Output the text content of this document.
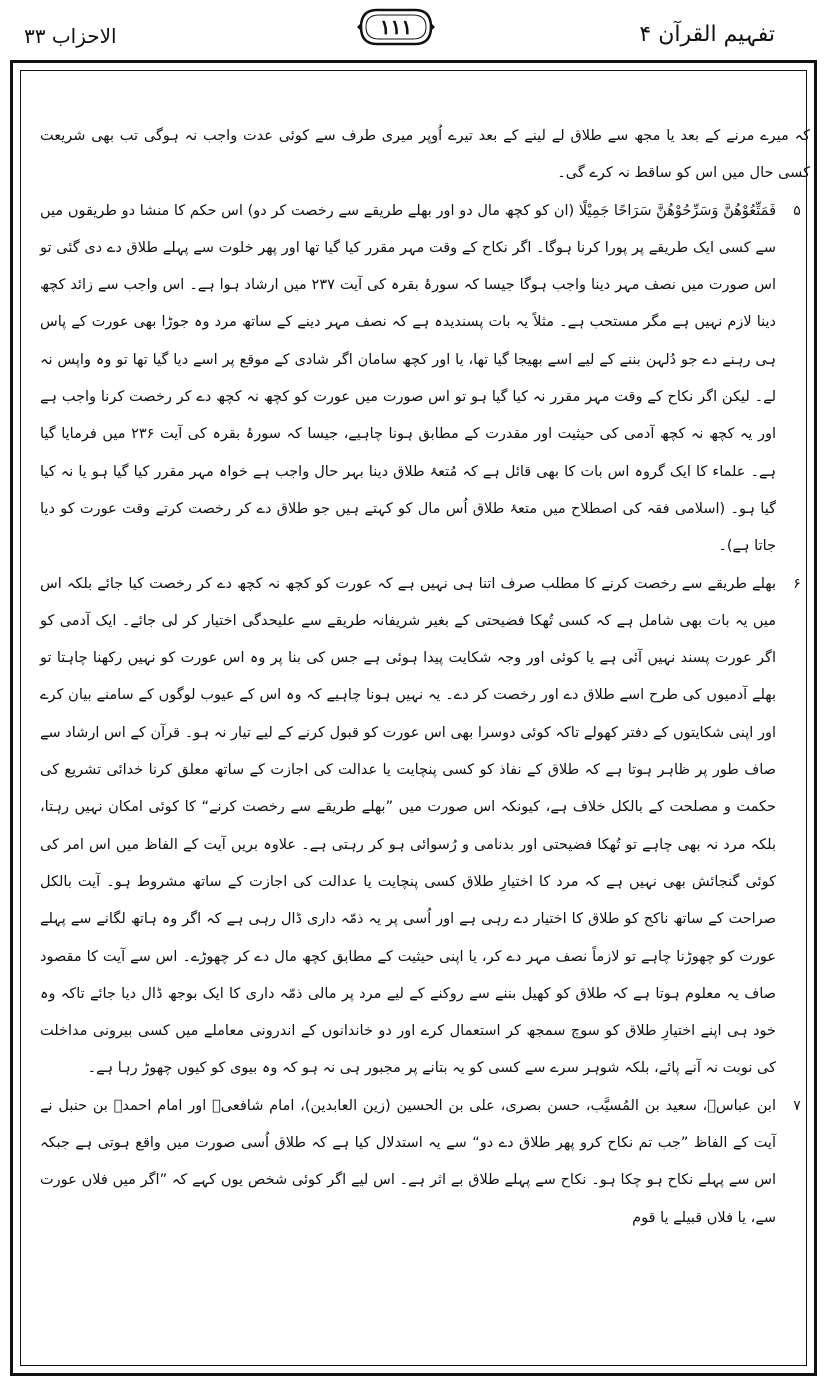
الاحزاب ۳۳	۱۱۱	تفہیم القرآن ۴

کہ میرے مرنے کے بعد یا مجھ سے طلاق لے لینے کے بعد تیرے اُوپر میری طرف سے کوئی عدت واجب نہ ہوگی تب بھی شریعت کسی حال میں اس کو ساقط نہ کرے گی۔

۵
فَمَتِّعُوْهُنَّ وَسَرِّحُوْهُنَّ سَرَاحًا جَمِيْلًا (ان کو کچھ مال دو اور بھلے طریقے سے رخصت کر دو) اس حکم کا منشا دو طریقوں میں سے کسی ایک طریقے پر پورا کرنا ہوگا۔ اگر نکاح کے وقت مہر مقرر کیا گیا تھا اور پھر خلوت سے پہلے طلاق دے دی گئی تو اس صورت میں نصف مہر دینا واجب ہوگا جیسا کہ سورۂ بقرہ کی آیت ۲۳۷ میں ارشاد ہوا ہے۔ اس واجب سے زائد کچھ دینا لازم نہیں ہے مگر مستحب ہے۔ مثلاً یہ بات پسندیدہ ہے کہ نصف مہر دینے کے ساتھ مرد وہ جوڑا بھی عورت کے پاس ہی رہنے دے جو دُلہن بننے کے لیے اسے بھیجا گیا تھا، یا اور کچھ سامان اگر شادی کے موقع پر اسے دیا گیا تھا تو وہ واپس نہ لے۔ لیکن اگر نکاح کے وقت مہر مقرر نہ کیا گیا ہو تو اس صورت میں عورت کو کچھ نہ کچھ دے کر رخصت کرنا واجب ہے اور یہ کچھ نہ کچھ آدمی کی حیثیت اور مقدرت کے مطابق ہونا چاہیے، جیسا کہ سورۂ بقرہ کی آیت ۲۳۶ میں فرمایا گیا ہے۔ علماء کا ایک گروہ اس بات کا بھی قائل ہے کہ مُتعۂ طلاق دینا بہر حال واجب ہے خواہ مہر مقرر کیا گیا ہو یا نہ کیا گیا ہو۔ (اسلامی فقہ کی اصطلاح میں متعۂ طلاق اُس مال کو کہتے ہیں جو طلاق دے کر رخصت کرتے وقت عورت کو دیا جاتا ہے)۔

۶
بھلے طریقے سے رخصت کرنے کا مطلب صرف اتنا ہی نہیں ہے کہ عورت کو کچھ نہ کچھ دے کر رخصت کیا جائے بلکہ اس میں یہ بات بھی شامل ہے کہ کسی تُھکا فضیحتی کے بغیر شریفانہ طریقے سے علیحدگی اختیار کر لی جائے۔ ایک آدمی کو اگر عورت پسند نہیں آئی ہے یا کوئی اور وجہ شکایت پیدا ہوئی ہے جس کی بنا پر وہ اس عورت کو نہیں رکھنا چاہتا تو بھلے آدمیوں کی طرح اسے طلاق دے اور رخصت کر دے۔ یہ نہیں ہونا چاہیے کہ وہ اس کے عیوب لوگوں کے سامنے بیان کرے اور اپنی شکایتوں کے دفتر کھولے تاکہ کوئی دوسرا بھی اس عورت کو قبول کرنے کے لیے تیار نہ ہو۔ قرآن کے اس ارشاد سے صاف طور پر ظاہر ہوتا ہے کہ طلاق کے نفاذ کو کسی پنچایت یا عدالت کی اجازت کے ساتھ معلق کرنا خدائی تشریع کی حکمت و مصلحت کے بالکل خلاف ہے، کیونکہ اس صورت میں ”بھلے طریقے سے رخصت کرنے“ کا کوئی امکان نہیں رہتا، بلکہ مرد نہ بھی چاہے تو تُھکا فضیحتی اور بدنامی و رُسوائی ہو کر رہتی ہے۔ علاوہ بریں آیت کے الفاظ میں اس امر کی کوئی گنجائش بھی نہیں ہے کہ مرد کا اختیارِ طلاق کسی پنچایت یا عدالت کی اجازت کے ساتھ مشروط ہو۔ آیت بالکل صراحت کے ساتھ ناکح کو طلاق کا اختیار دے رہی ہے اور اُسی پر یہ ذمّہ داری ڈال رہی ہے کہ اگر وہ ہاتھ لگانے سے پہلے عورت کو چھوڑنا چاہے تو لازماً نصف مہر دے کر، یا اپنی حیثیت کے مطابق کچھ مال دے کر چھوڑے۔ اس سے آیت کا مقصود صاف یہ معلوم ہوتا ہے کہ طلاق کو کھیل بننے سے روکنے کے لیے مرد پر مالی ذمّہ داری کا ایک بوجھ ڈال دیا جائے تاکہ وہ خود ہی اپنے اختیارِ طلاق کو سوچ سمجھ کر استعمال کرے اور دو خاندانوں کے اندرونی معاملے میں کسی بیرونی مداخلت کی نوبت نہ آنے پائے، بلکہ شوہر سرے سے کسی کو یہ بتانے پر مجبور ہی نہ ہو کہ وہ بیوی کو کیوں چھوڑ رہا ہے۔

۷
ابن عباسؓ، سعید بن المُسیَّب، حسن بصری، علی بن الحسین (زین العابدین)، امام شافعیؒ اور امام احمدؒ بن حنبل نے آیت کے الفاظ ”جب تم نکاح کرو پھر طلاق دے دو“ سے یہ استدلال کیا ہے کہ طلاق اُسی صورت میں واقع ہوتی ہے جبکہ اس سے پہلے نکاح ہو چکا ہو۔ نکاح سے پہلے طلاق بے اثر ہے۔ اس لیے اگر کوئی شخص یوں کہے کہ ”اگر میں فلاں عورت سے، یا فلاں قبیلے یا قوم
